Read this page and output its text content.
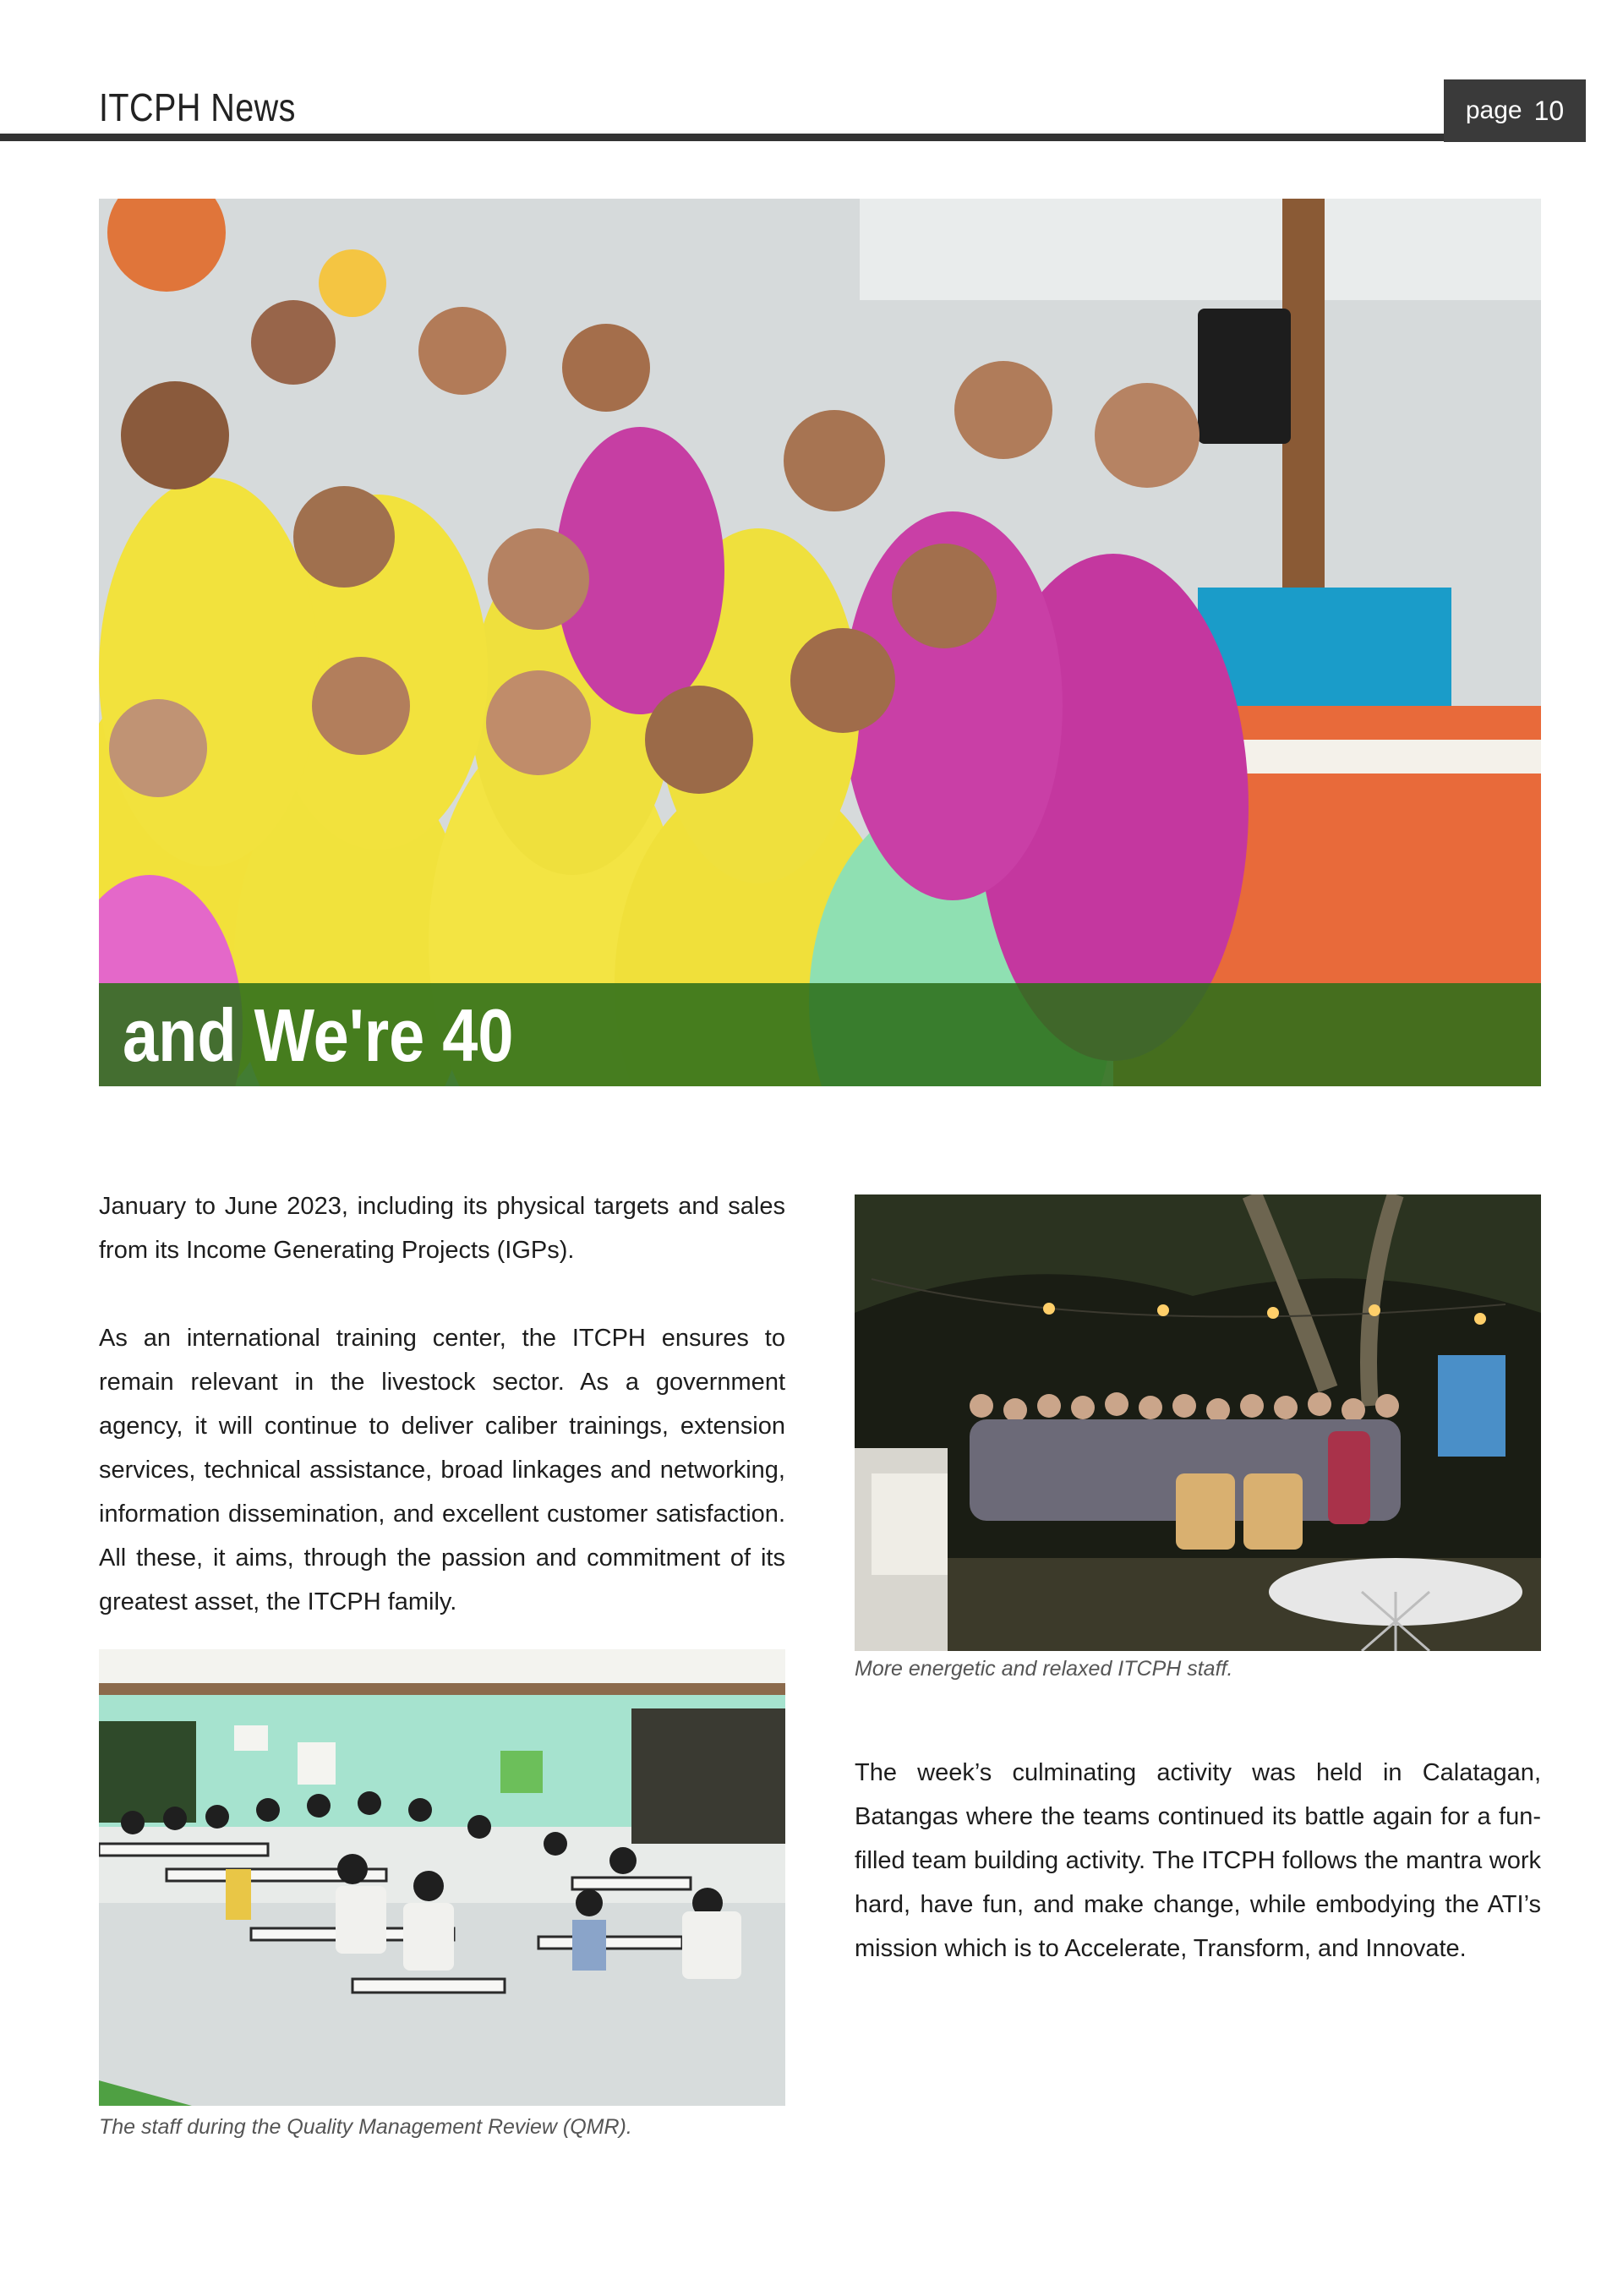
ITCPH News	page 10
and We're 40

January to June 2023, including its physical targets and sales from its Income Generating Projects (IGPs).

As an international training center, the ITCPH ensures to remain relevant in the livestock sector. As a government agency, it will continue to deliver caliber trainings, extension services, technical assistance, broad linkages and networking, information dissemination, and excellent customer satisfaction. All these, it aims, through the passion and commitment of its greatest asset, the ITCPH family.

More energetic and relaxed ITCPH staff.

The week’s culminating activity was held in Calatagan, Batangas where the teams continued its battle again for a fun-filled team building activity. The ITCPH follows the mantra work hard, have fun, and make change, while embodying the ATI’s mission which is to Accelerate, Transform, and Innovate.

The staff during the Quality Management Review (QMR).
